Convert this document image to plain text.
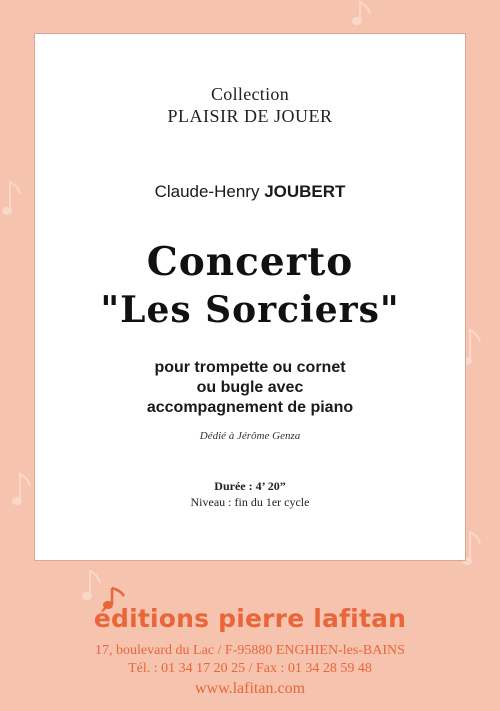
Collection
PLAISIR DE JOUER
Claude-Henry JOUBERT
Concerto
"Les Sorciers"
pour trompette ou cornet
ou bugle avec
accompagnement de piano
Dédié à Jérôme Genza
Durée : 4’ 20”
Niveau : fin du 1er cycle
éditions pierre lafitan
17, boulevard du Lac / F-95880 ENGHIEN-les-BAINS
Tél. : 01 34 17 20 25 / Fax : 01 34 28 59 48
www.lafitan.com
